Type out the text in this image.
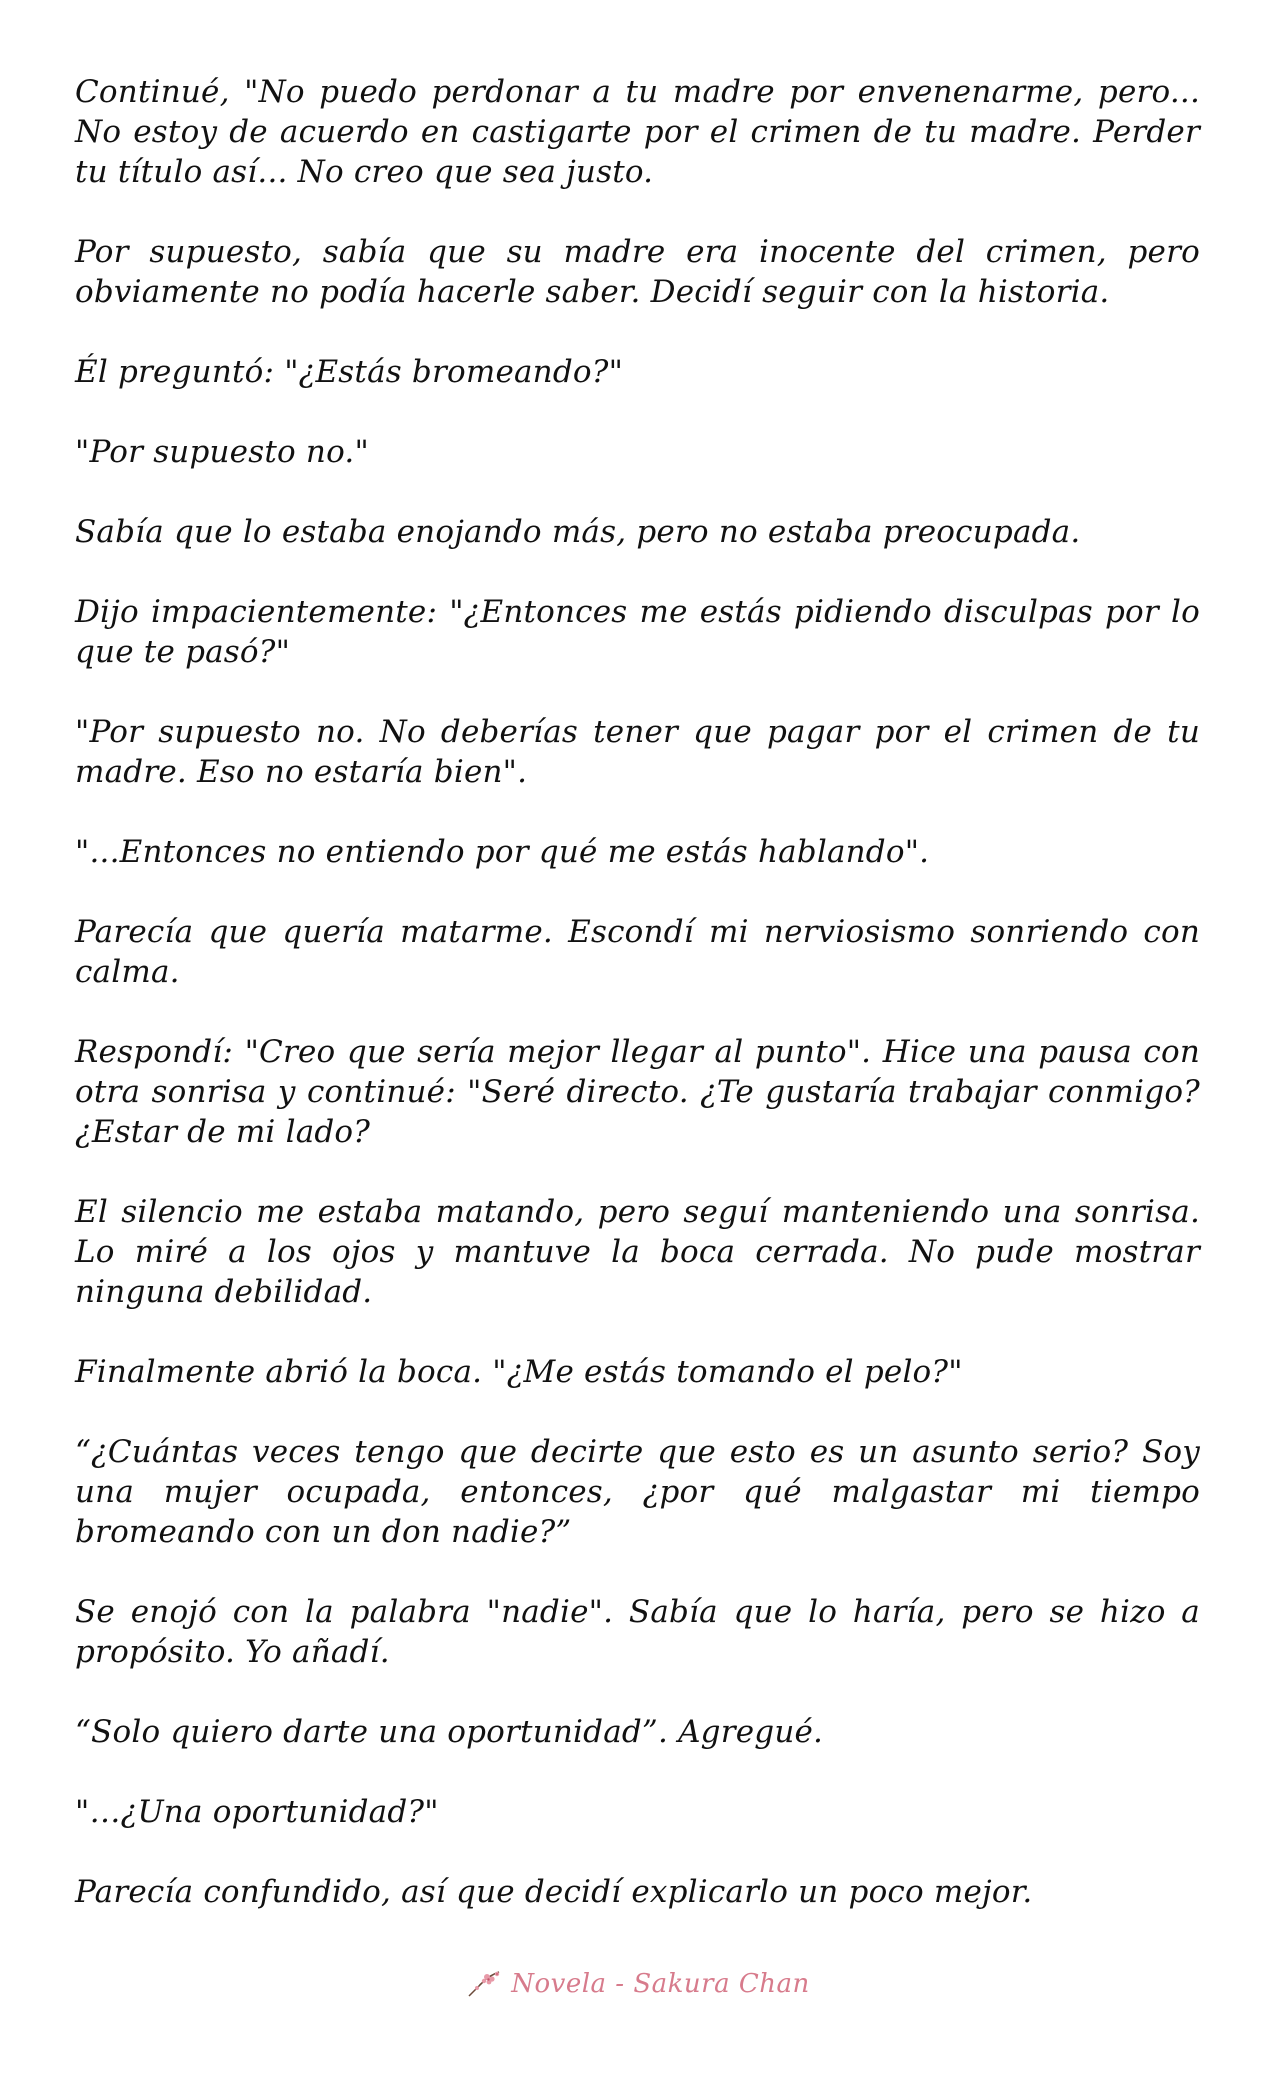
Continué, "No puedo perdonar a tu madre por envenenarme, pero... No estoy de acuerdo en castigarte por el crimen de tu madre. Perder tu título así... No creo que sea justo.

Por supuesto, sabía que su madre era inocente del crimen, pero obviamente no podía hacerle saber. Decidí seguir con la historia.

Él preguntó: "¿Estás bromeando?"

"Por supuesto no."

Sabía que lo estaba enojando más, pero no estaba preocupada.

Dijo impacientemente: "¿Entonces me estás pidiendo disculpas por lo que te pasó?"

"Por supuesto no. No deberías tener que pagar por el crimen de tu madre. Eso no estaría bien".

"...Entonces no entiendo por qué me estás hablando".

Parecía que quería matarme. Escondí mi nerviosismo sonriendo con calma.

Respondí: "Creo que sería mejor llegar al punto". Hice una pausa con otra sonrisa y continué: "Seré directo. ¿Te gustaría trabajar conmigo? ¿Estar de mi lado?

El silencio me estaba matando, pero seguí manteniendo una sonrisa. Lo miré a los ojos y mantuve la boca cerrada. No pude mostrar ninguna debilidad.

Finalmente abrió la boca. "¿Me estás tomando el pelo?"

“¿Cuántas veces tengo que decirte que esto es un asunto serio? Soy una mujer ocupada, entonces, ¿por qué malgastar mi tiempo bromeando con un don nadie?”

Se enojó con la palabra "nadie". Sabía que lo haría, pero se hizo a propósito. Yo añadí.

“Solo quiero darte una oportunidad”. Agregué.

"…¿Una oportunidad?"

Parecía confundido, así que decidí explicarlo un poco mejor.

Novela - Sakura Chan
